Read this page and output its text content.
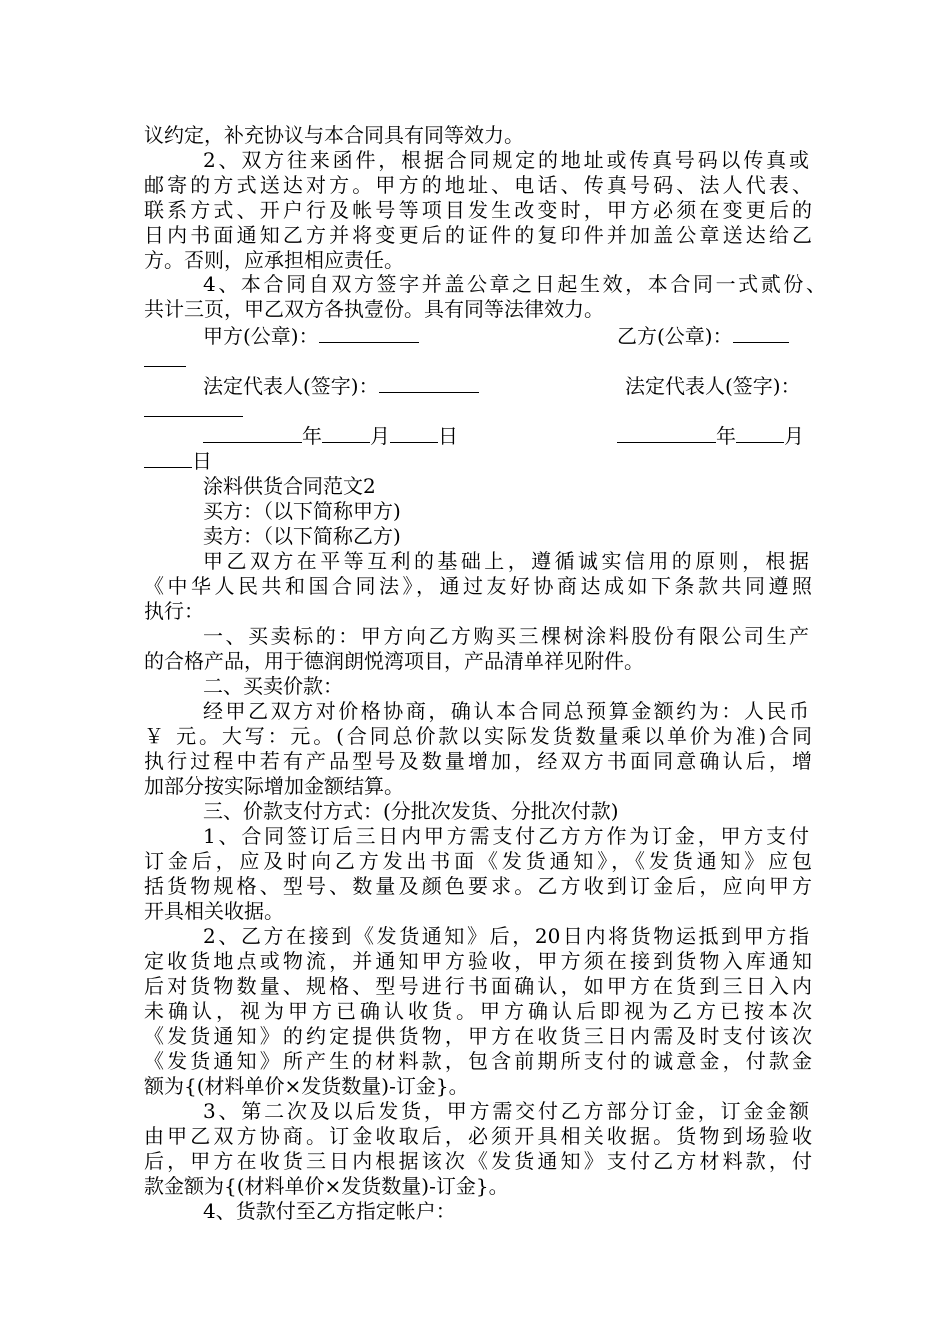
议约定，补充协议与本合同具有同等效力。
2、双方往来函件，根据合同规定的地址或传真号码以传真或
邮寄的方式送达对方。甲方的地址、电话、传真号码、法人代表、
联系方式、开户行及帐号等项目发生改变时，甲方必须在变更后的
日内书面通知乙方并将变更后的证件的复印件并加盖公章送达给乙
方。否则，应承担相应责任。
4、本合同自双方签字并盖公章之日起生效，本合同一式贰份、
共计三页，甲乙双方各执壹份。具有同等法律效力。
甲方(公章)：	乙方(公章)：
法定代表人(签字)：	法定代表人(签字)：
年 月 日	年 月
日
涂料供货合同范文2
买方：（以下简称甲方)
卖方：（以下简称乙方)
甲乙双方在平等互利的基础上，遵循诚实信用的原则，根据
《中华人民共和国合同法》，通过友好协商达成如下条款共同遵照
执行：
一、买卖标的：甲方向乙方购买三棵树涂料股份有限公司生产
的合格产品，用于德润朗悦湾项目，产品清单祥见附件。
二、买卖价款：
经甲乙双方对价格协商，确认本合同总预算金额约为：人民币
￥ 元。大写：元。(合同总价款以实际发货数量乘以单价为准)合同
执行过程中若有产品型号及数量增加，经双方书面同意确认后，增
加部分按实际增加金额结算。
三、价款支付方式：(分批次发货、分批次付款)
1、合同签订后三日内甲方需支付乙方方作为订金，甲方支付
订金后，应及时向乙方发出书面《发货通知》，《发货通知》应包
括货物规格、型号、数量及颜色要求。乙方收到订金后，应向甲方
开具相关收据。
2、乙方在接到《发货通知》后，20日内将货物运抵到甲方指
定收货地点或物流，并通知甲方验收，甲方须在接到货物入库通知
后对货物数量、规格、型号进行书面确认，如甲方在货到三日入内
未确认，视为甲方已确认收货。甲方确认后即视为乙方已按本次
《发货通知》的约定提供货物，甲方在收货三日内需及时支付该次
《发货通知》所产生的材料款，包含前期所支付的诚意金，付款金
额为{(材料单价×发货数量)-订金}。
3、第二次及以后发货，甲方需交付乙方部分订金，订金金额
由甲乙双方协商。订金收取后，必须开具相关收据。货物到场验收
后，甲方在收货三日内根据该次《发货通知》支付乙方材料款，付
款金额为{(材料单价×发货数量)-订金}。
4、货款付至乙方指定帐户：
